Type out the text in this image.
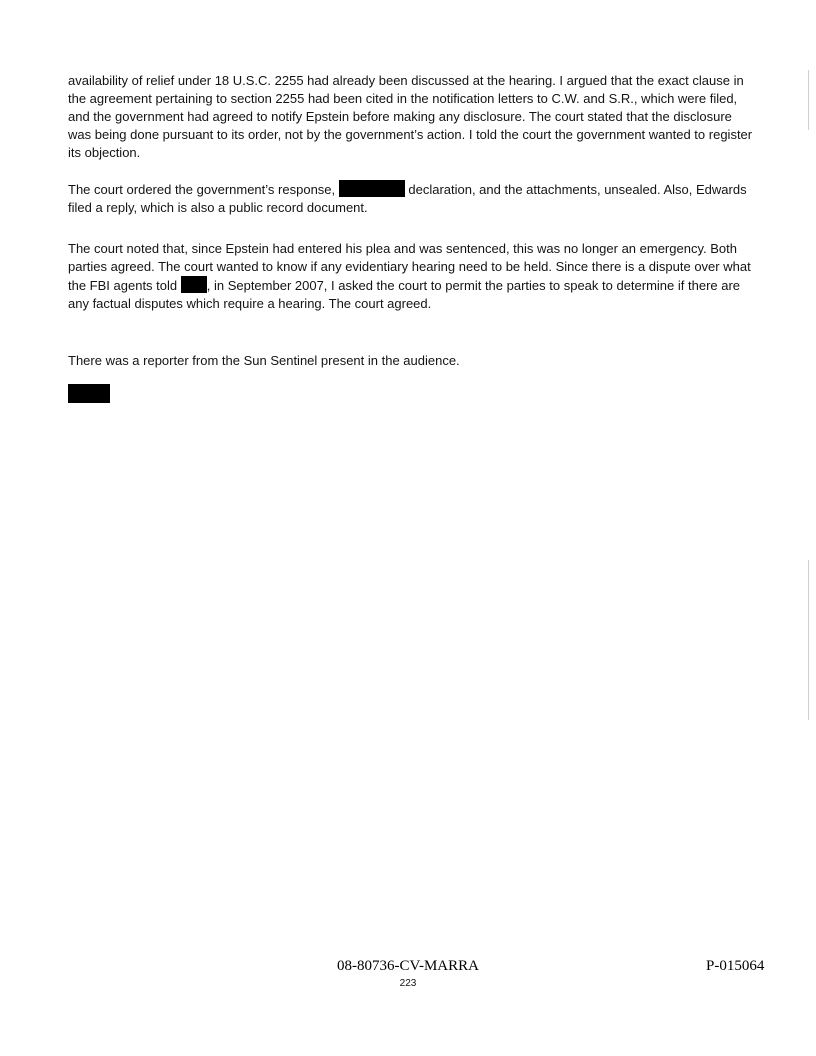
availability of relief under 18 U.S.C. 2255 had already been discussed at the hearing. I argued that the exact clause in the agreement pertaining to section 2255 had been cited in the notification letters to C.W. and S.R., which were filed, and the government had agreed to notify Epstein before making any disclosure. The court stated that the disclosure was being done pursuant to its order, not by the government’s action. I told the court the government wanted to register its objection.

The court ordered the government’s response,	declaration, and the attachments, unsealed. Also, Edwards filed a reply, which is also a public record document.

The court noted that, since Epstein had entered his plea and was sentenced, this was no longer an emergency. Both parties agreed. The court wanted to know if any evidentiary hearing need to be held. Since there is a dispute over what the FBI agents told , in September 2007, I asked the court to permit the parties to speak to determine if there are any factual disputes which require a hearing. The court agreed.

There was a reporter from the Sun Sentinel present in the audience.

08-80736-CV-MARRA
223
P-015064
